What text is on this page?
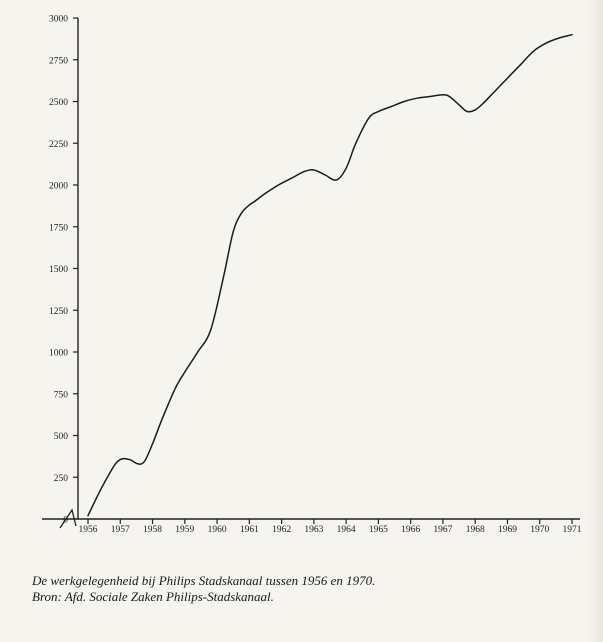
0
250
500
750
1000
1250
1500
1750
2000
2250
2500
2750
3000
1956 1957 1958 1959 1960 1961 1962 1963 1964 1965 1966 1967 1968 1969 1970 1971
De werkgelegenheid bij Philips Stadskanaal tussen 1956 en 1970. Bron: Afd. Sociale Zaken Philips-Stadskanaal.
